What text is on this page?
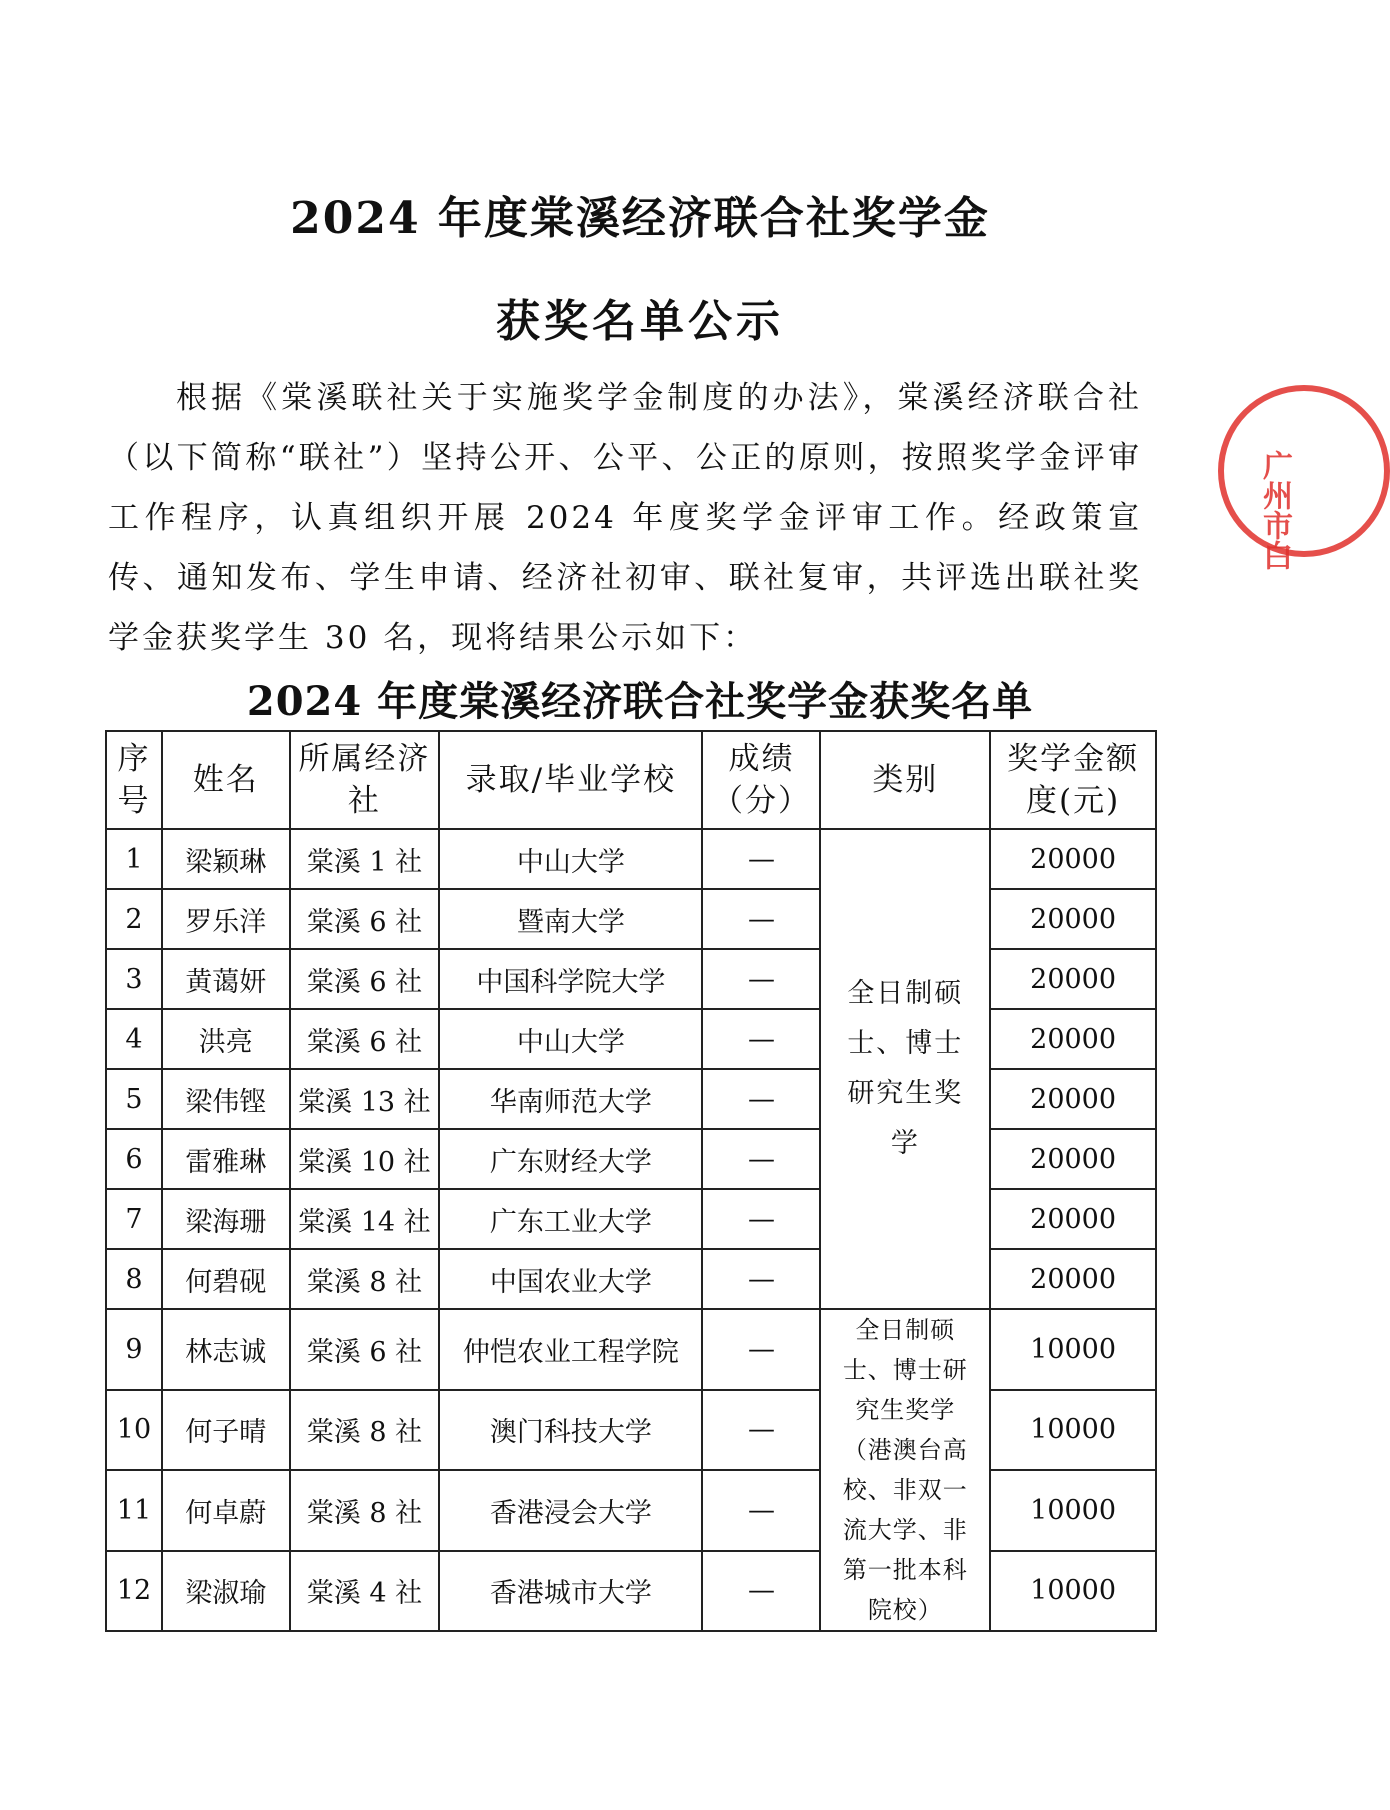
2024 年度棠溪经济联合社奖学金
获奖名单公示
根据《棠溪联社关于实施奖学金制度的办法》，棠溪经济联合社（以下简称“联社”）坚持公开、公平、公正的原则，按照奖学金评审工作程序，认真组织开展 2024 年度奖学金评审工作。经政策宣传、通知发布、学生申请、经济社初审、联社复审，共评选出联社奖学金获奖学生 30 名，现将结果公示如下：
2024 年度棠溪经济联合社奖学金获奖名单
序号	姓名	所属经济社	录取/毕业学校	成绩（分）	类别	奖学金额度(元)
1	梁颖琳	棠溪 1 社	中山大学	—	全日制硕士、博士研究生奖学	20000
2	罗乐洋	棠溪 6 社	暨南大学	—		20000
3	黄蔼妍	棠溪 6 社	中国科学院大学	—		20000
4	洪亮	棠溪 6 社	中山大学	—		20000
5	梁伟铿	棠溪 13 社	华南师范大学	—		20000
6	雷雅琳	棠溪 10 社	广东财经大学	—		20000
7	梁海珊	棠溪 14 社	广东工业大学	—		20000
8	何碧砚	棠溪 8 社	中国农业大学	—		20000
9	林志诚	棠溪 6 社	仲恺农业工程学院	—	全日制硕士、博士研究生奖学（港澳台高校、非双一流大学、非第一批本科院校）	10000
10	何子晴	棠溪 8 社	澳门科技大学	—		10000
11	何卓蔚	棠溪 8 社	香港浸会大学	—		10000
12	梁淑瑜	棠溪 4 社	香港城市大学	—		10000
广州市白
